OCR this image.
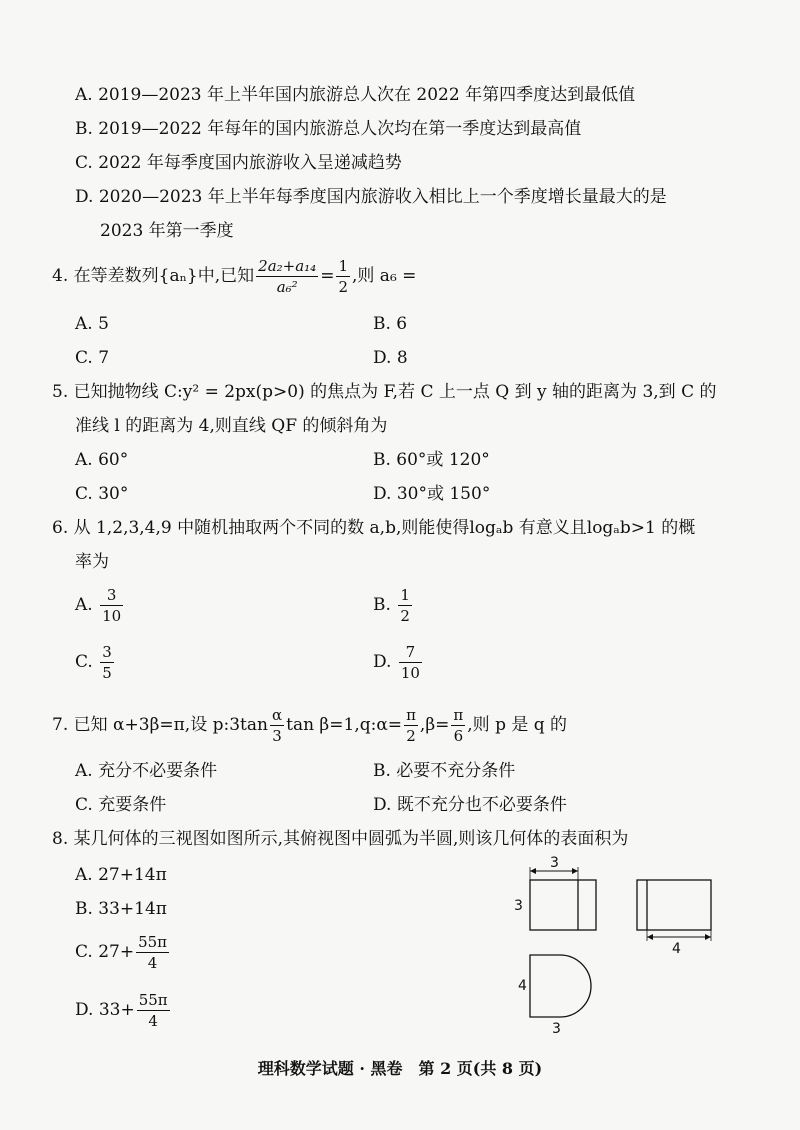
A. 2019—2023 年上半年国内旅游总人次在 2022 年第四季度达到最低值
B. 2019—2022 年每年的国内旅游总人次均在第一季度达到最高值
C. 2022 年每季度国内旅游收入呈递减趋势
D. 2020—2023 年上半年每季度国内旅游收入相比上一个季度增长量最大的是
2023 年第一季度
4. 在等差数列{aₙ}中,已知 $\frac{\text{2a₂+a₁₄}}{\text{a₆²}} = \frac{1}{2}$ ,则 a₆ =
A. 5	B. 6
C. 7	D. 8
5. 已知抛物线 C:y² = 2px(p>0) 的焦点为 F,若 C 上一点 Q 到 y 轴的距离为 3,到 C 的
准线 l 的距离为 4,则直线 QF 的倾斜角为
A. 60°	B. 60°或 120°
C. 30°	D. 30°或 150°
6. 从 1,2,3,4,9 中随机抽取两个不同的数 a,b,则能使得logₐb 有意义且logₐb>1 的概
率为
A. $\frac{3}{10}$	B. $\frac{1}{2}$
C. $\frac{3}{5}$	D. $\frac{7}{10}$
7. 已知 α+3β=π,设 p:3tan $\frac{\alpha}{3}$ tan β=1,q:α= $\frac{\pi}{2} ,\beta= \frac{\pi}{6}$ ,则 p 是 q 的
A. 充分不必要条件	B. 必要不充分条件
C. 充要条件	D. 既不充分也不必要条件
8. 某几何体的三视图如图所示,其俯视图中圆弧为半圆,则该几何体的表面积为
A. 27+14π
B. 33+14π
C. $27+ \frac{55\pi}{4}$
D. $33+ \frac{55\pi}{4}$
3
3
4
4
3
理科数学试题 · 黑卷　第 2 页(共 8 页)
